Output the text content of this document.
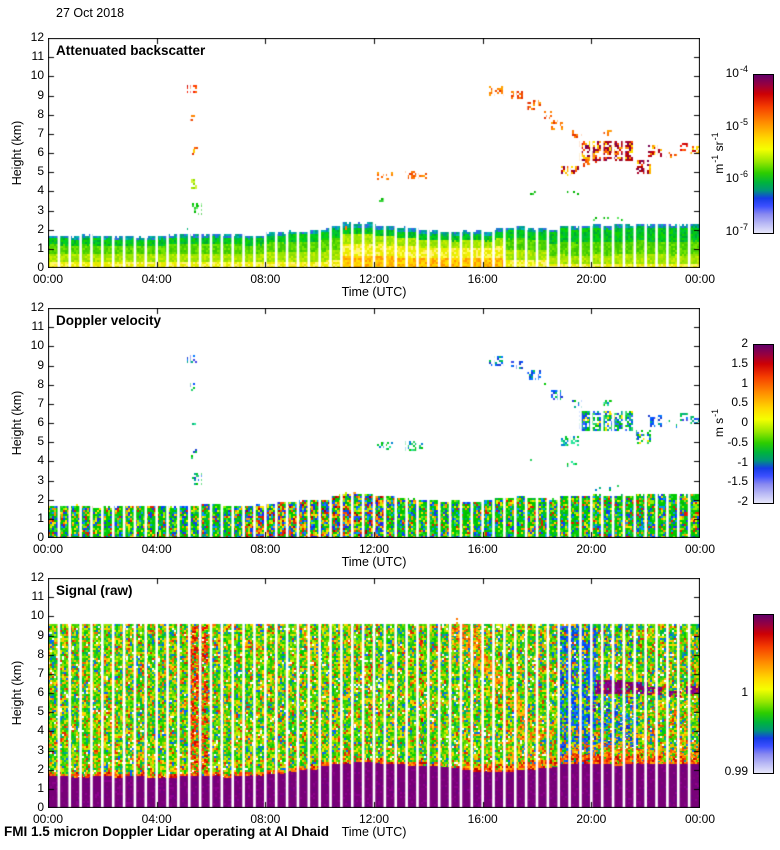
27 Oct 2018
Attenuated backscatter
Height (km)
Time (UTC)
00:00	04:00	08:00	12:00	16:00	20:00	00:00
0
1
2
3
4
5
6
7
8
9
10
11
12
$10^{-4}$
$10^{-5}$
$10^{-6}$
$10^{-7}$
$m^{-1}$ $sr^{-1}$
Doppler velocity
Height (km)
Time (UTC)
00:00	04:00	08:00	12:00	16:00	20:00	00:00
0
1
2
3
4
5
6
7
8
9
10
11
12
2
1.5
1
0.5
0
-0.5
-1
-1.5
-2
m $s^{-1}$
Signal (raw)
Height (km)
Time (UTC)
00:00	04:00	08:00	12:00	16:00	20:00	00:00
0
1
2
3
4
5
6
7
8
9
10
11
12
1
0.99
FMI 1.5 micron Doppler Lidar operating at Al Dhaid
